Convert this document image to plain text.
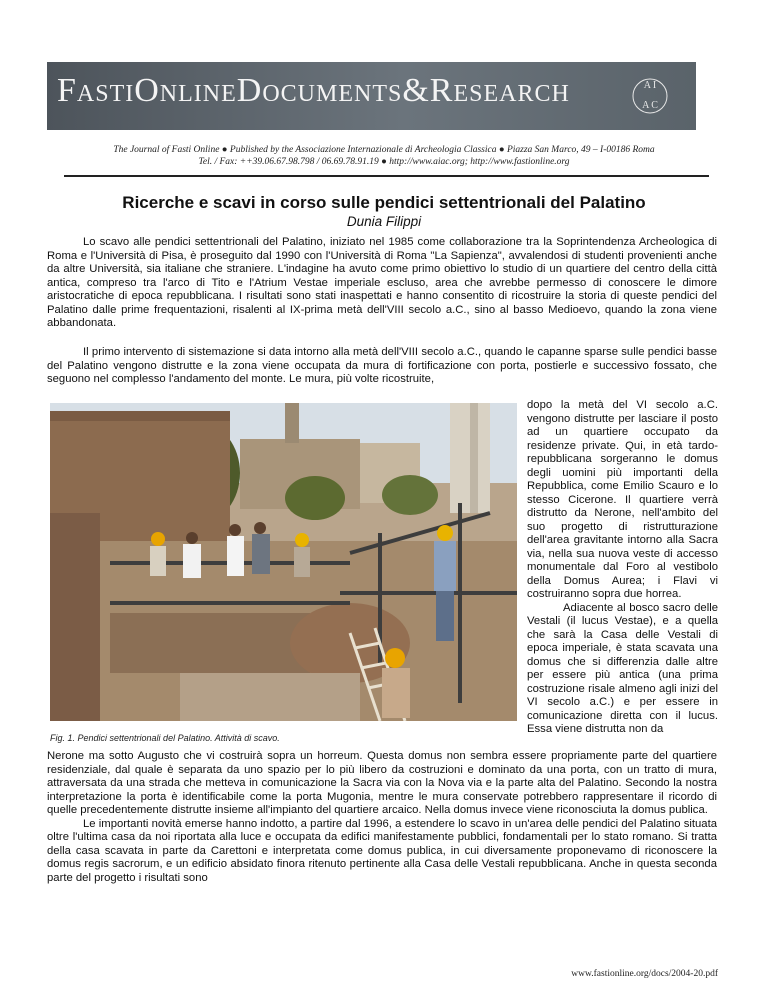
FastiOnlineDocuments&Research	A I
A C
The Journal of Fasti Online ● Published by the Associazione Internazionale di Archeologia Classica ● Piazza San Marco, 49 – I-00186 Roma
Tel. / Fax: ++39.06.67.98.798 / 06.69.78.91.19 ● http://www.aiac.org; http://www.fastionline.org
Ricerche e scavi in corso sulle pendici settentrionali del Palatino
Dunia Filippi

Lo scavo alle pendici settentrionali del Palatino, iniziato nel 1985 come collaborazione tra la Soprintendenza Archeologica di Roma e l'Università di Pisa, è proseguito dal 1990 con l'Università di Roma "La Sapienza", avvalendosi di studenti provenienti anche da altre Università, sia italiane che straniere. L'indagine ha avuto come primo obiettivo lo studio di un quartiere del centro della città antica, compreso tra l'arco di Tito e l'Atrium Vestae imperiale escluso, area che avrebbe permesso di conoscere le dimore aristocratiche di epoca repubblicana. I risultati sono stati inaspettati e hanno consentito di ricostruire la storia di queste pendici del Palatino dalle prime frequentazioni, risalenti al IX-prima metà dell'VIII secolo a.C., sino al basso Medioevo, quando la zona viene abbandonata.

Il primo intervento di sistemazione si data intorno alla metà dell'VIII secolo a.C., quando le capanne sparse sulle pendici basse del Palatino vengono distrutte e la zona viene occupata da mura di fortificazione con porta, postierle e successivo fossato, che seguono nel complesso l'andamento del monte. Le mura, più volte ricostruite,

Fig. 1. Pendici settentrionali del Palatino. Attività di scavo.

dopo la metà del VI secolo a.C. vengono distrutte per lasciare il posto ad un quartiere occupato da residenze private. Qui, in età tardo-repubblicana sorgeranno le domus degli uomini più importanti della Repubblica, come Emilio Scauro e lo stesso Cicerone. Il quartiere verrà distrutto da Nerone, nell'ambito del suo progetto di ristrutturazione dell'area gravitante intorno alla Sacra via, nella sua nuova veste di accesso monumentale dal Foro al vestibolo della Domus Aurea; i Flavi vi costruiranno sopra due horrea.

Adiacente al bosco sacro delle Vestali (il lucus Vestae), e a quella che sarà la Casa delle Vestali di epoca imperiale, è stata scavata una domus che si differenzia dalle altre per essere più antica (una prima costruzione risale almeno agli inizi del VI secolo a.C.) e per essere in comunicazione diretta con il lucus. Essa viene distrutta non da

Nerone ma sotto Augusto che vi costruirà sopra un horreum. Questa domus non sembra essere propriamente parte del quartiere residenziale, dal quale è separata da uno spazio per lo più libero da costruzioni e dominato da una porta, con un tratto di mura, attraversata da una strada che metteva in comunicazione la Sacra via con la Nova via e la parte alta del Palatino. Secondo la nostra interpretazione la porta è identificabile come la porta Mugonia, mentre le mura conservate potrebbero rappresentare il ricordo di quelle precedentemente distrutte insieme all'impianto del quartiere arcaico. Nella domus invece viene riconosciuta la domus publica.

Le importanti novità emerse hanno indotto, a partire dal 1996, a estendere lo scavo in un'area delle pendici del Palatino situata oltre l'ultima casa da noi riportata alla luce e occupata da edifici manifestamente pubblici, fondamentali per lo stato romano. Si tratta della casa scavata in parte da Carettoni e interpretata come domus publica, in cui diversamente proponevamo di riconoscere la domus regis sacrorum, e un edificio absidato finora ritenuto pertinente alla Casa delle Vestali repubblicana. Anche in questa seconda parte del progetto i risultati sono

www.fastionline.org/docs/2004-20.pdf
